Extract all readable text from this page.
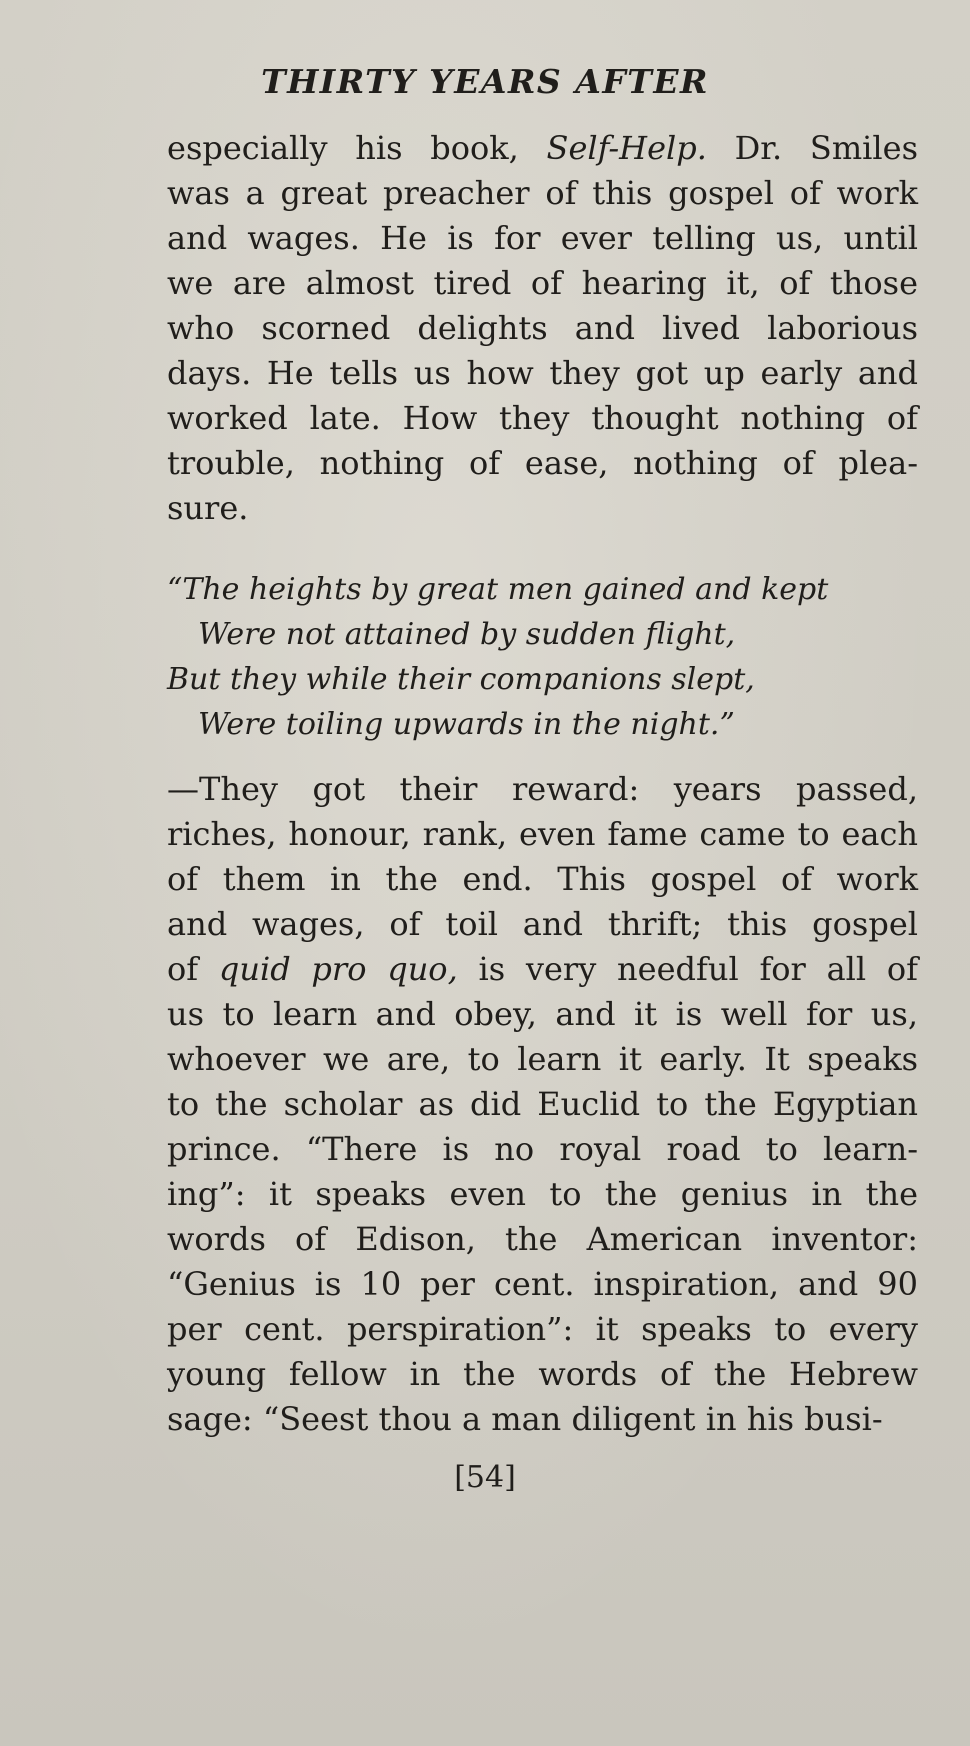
THIRTY YEARS AFTER

especially his book, Self-Help. Dr. Smiles
was a great preacher of this gospel of work
and wages. He is for ever telling us, until
we are almost tired of hearing it, of those
who scorned delights and lived laborious
days. He tells us how they got up early and
worked late. How they thought nothing of
trouble, nothing of ease, nothing of plea-
sure.

“The heights by great men gained and kept
Were not attained by sudden flight,
But they while their companions slept,
Were toiling upwards in the night.”

—They got their reward: years passed,
riches, honour, rank, even fame came to each
of them in the end. This gospel of work
and wages, of toil and thrift; this gospel
of quid pro quo, is very needful for all of
us to learn and obey, and it is well for us,
whoever we are, to learn it early. It speaks
to the scholar as did Euclid to the Egyptian
prince. “There is no royal road to learn-
ing”: it speaks even to the genius in the
words of Edison, the American inventor:
“Genius is 10 per cent. inspiration, and 90
per cent. perspiration”: it speaks to every
young fellow in the words of the Hebrew
sage: “Seest thou a man diligent in his busi-

[54]
